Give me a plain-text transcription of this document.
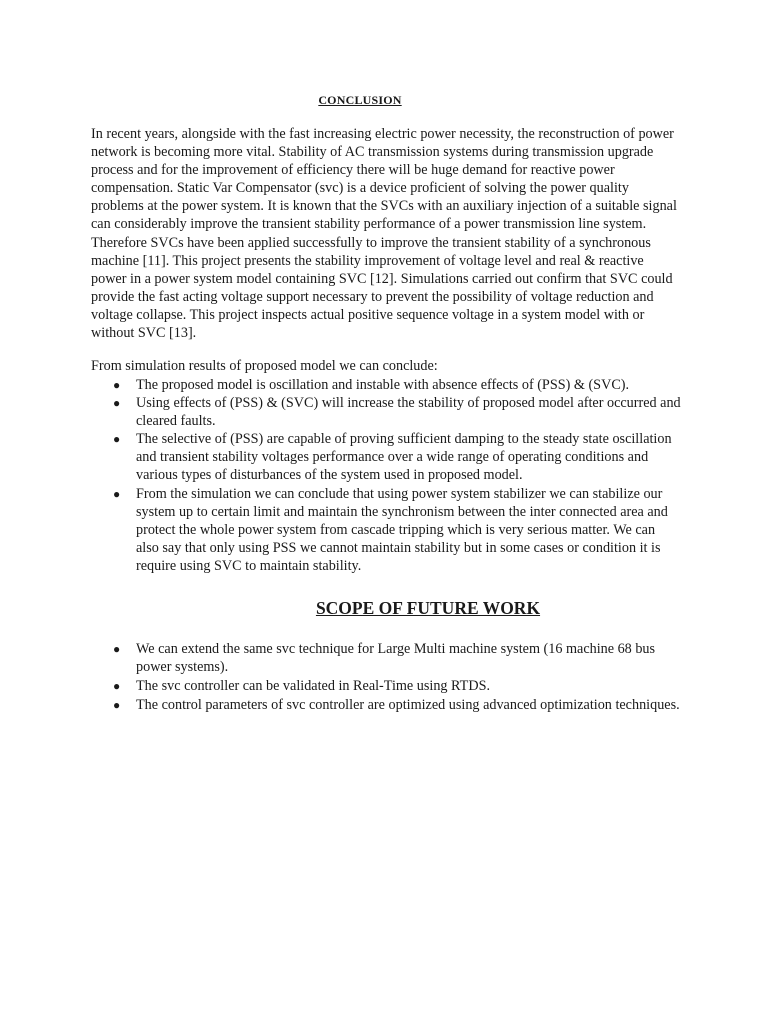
CONCLUSION

In recent years, alongside with the fast increasing electric power necessity, the reconstruction of power network is becoming more vital. Stability of AC transmission systems during transmission upgrade process and for the improvement of efficiency there will be huge demand for reactive power compensation. Static Var Compensator (svc) is a device proficient of solving the power quality problems at the power system. It is known that the SVCs with an auxiliary injection of a suitable signal can considerably improve the transient stability performance of a power transmission line system. Therefore SVCs have been applied successfully to improve the transient stability of a synchronous machine [11]. This project presents the stability improvement of voltage level and real & reactive power in a power system model containing SVC [12]. Simulations carried out confirm that SVC could provide the fast acting voltage support necessary to prevent the possibility of voltage reduction and voltage collapse. This project inspects actual positive sequence voltage in a system model with or without SVC [13].

From simulation results of proposed model we can conclude:

● The proposed model is oscillation and instable with absence effects of (PSS) & (SVC).
● Using effects of (PSS) & (SVC) will increase the stability of proposed model after occurred and cleared faults.
● The selective of (PSS) are capable of proving sufficient damping to the steady state oscillation and transient stability voltages performance over a wide range of operating conditions and various types of disturbances of the system used in proposed model.
● From the simulation we can conclude that using power system stabilizer we can stabilize our system up to certain limit and maintain the synchronism between the inter connected area and protect the whole power system from cascade tripping which is very serious matter. We can also say that only using PSS we cannot maintain stability but in some cases or condition it is require using SVC to maintain stability.
SCOPE OF FUTURE WORK
● We can extend the same svc technique for Large Multi machine system (16 machine 68 bus power systems).
● The svc controller can be validated in Real-Time using RTDS.
● The control parameters of svc controller are optimized using advanced optimization techniques.
